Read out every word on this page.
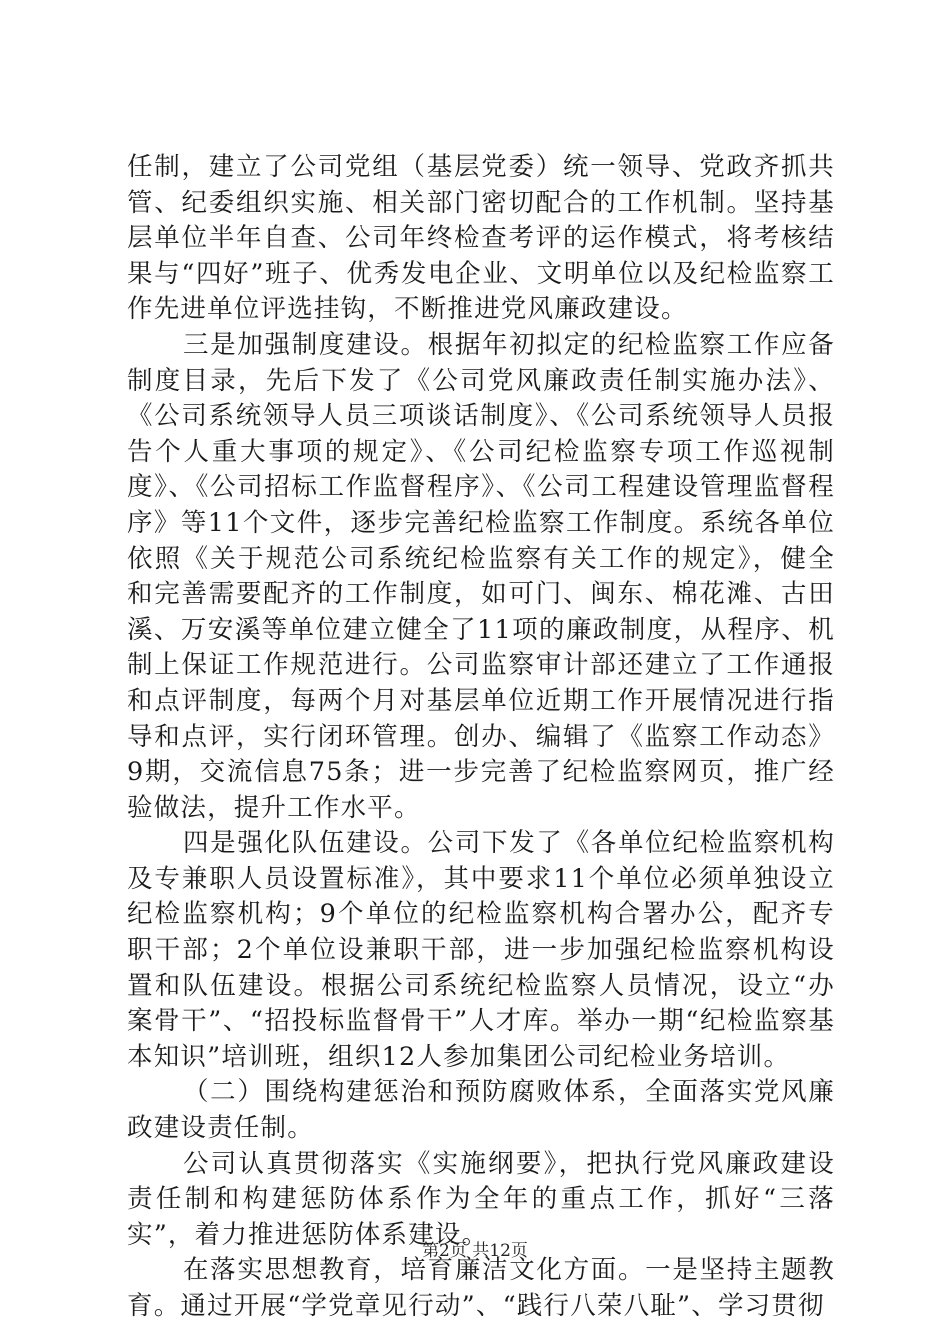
任制，建立了公司党组（基层党委）统一领导、党政齐抓共管、纪委组织实施、相关部门密切配合的工作机制。坚持基层单位半年自查、公司年终检查考评的运作模式，将考核结果与“四好”班子、优秀发电企业、文明单位以及纪检监察工作先进单位评选挂钩，不断推进党风廉政建设。

三是加强制度建设。根据年初拟定的纪检监察工作应备制度目录，先后下发了《公司党风廉政责任制实施办法》、《公司系统领导人员三项谈话制度》、《公司系统领导人员报告个人重大事项的规定》、《公司纪检监察专项工作巡视制度》、《公司招标工作监督程序》、《公司工程建设管理监督程序》等11个文件，逐步完善纪检监察工作制度。系统各单位依照《关于规范公司系统纪检监察有关工作的规定》，健全和完善需要配齐的工作制度，如可门、闽东、棉花滩、古田溪、万安溪等单位建立健全了11项的廉政制度，从程序、机制上保证工作规范进行。公司监察审计部还建立了工作通报和点评制度，每两个月对基层单位近期工作开展情况进行指导和点评，实行闭环管理。创办、编辑了《监察工作动态》9期，交流信息75条；进一步完善了纪检监察网页，推广经验做法，提升工作水平。

四是强化队伍建设。公司下发了《各单位纪检监察机构及专兼职人员设置标准》，其中要求11个单位必须单独设立纪检监察机构；9个单位的纪检监察机构合署办公，配齐专职干部；2个单位设兼职干部，进一步加强纪检监察机构设置和队伍建设。根据公司系统纪检监察人员情况，设立“办案骨干”、“招投标监督骨干”人才库。举办一期“纪检监察基本知识”培训班，组织12人参加集团公司纪检业务培训。

（二）围绕构建惩治和预防腐败体系，全面落实党风廉政建设责任制。

公司认真贯彻落实《实施纲要》，把执行党风廉政建设责任制和构建惩防体系作为全年的重点工作，抓好“三落实”，着力推进惩防体系建设。

在落实思想教育，培育廉洁文化方面。一是坚持主题教育。通过开展“学党章见行动”、“践行八荣八耻”、学习贯彻

第2页 共12页
